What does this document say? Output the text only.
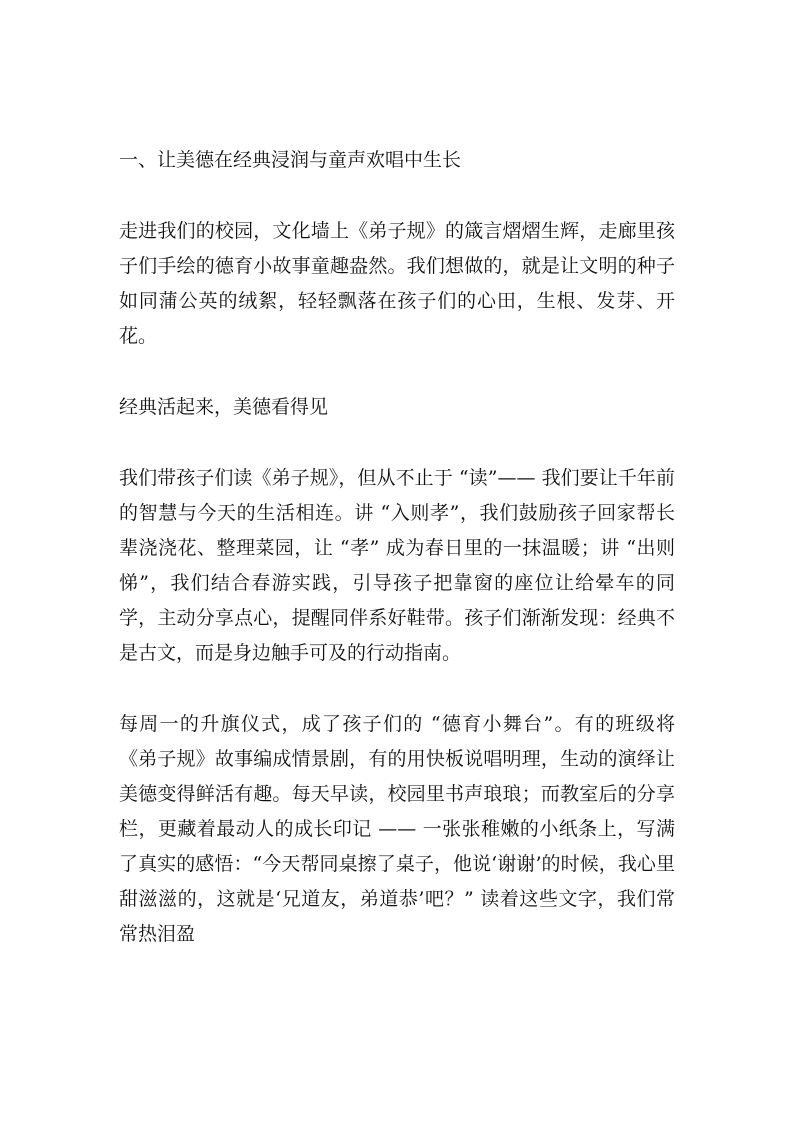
一、让美德在经典浸润与童声欢唱中生长

走进我们的校园，文化墙上《弟子规》的箴言熠熠生辉，走廊里孩子们手绘的德育小故事童趣盎然。我们想做的，就是让文明的种子如同蒲公英的绒絮，轻轻飘落在孩子们的心田，生根、发芽、开花。

经典活起来，美德看得见

我们带孩子们读《弟子规》，但从不止于 “读”—— 我们要让千年前的智慧与今天的生活相连。讲 “入则孝”，我们鼓励孩子回家帮长辈浇浇花、整理菜园，让 “孝” 成为春日里的一抹温暖；讲 “出则悌”，我们结合春游实践，引导孩子把靠窗的座位让给晕车的同学，主动分享点心，提醒同伴系好鞋带。孩子们渐渐发现：经典不是古文，而是身边触手可及的行动指南。

每周一的升旗仪式，成了孩子们的 “德育小舞台”。有的班级将《弟子规》故事编成情景剧，有的用快板说唱明理，生动的演绎让美德变得鲜活有趣。每天早读，校园里书声琅琅；而教室后的分享栏，更藏着最动人的成长印记 —— 一张张稚嫩的小纸条上，写满了真实的感悟：“今天帮同桌擦了桌子，他说‘谢谢’的时候，我心里甜滋滋的，这就是‘兄道友，弟道恭’吧？” 读着这些文字，我们常常热泪盈
